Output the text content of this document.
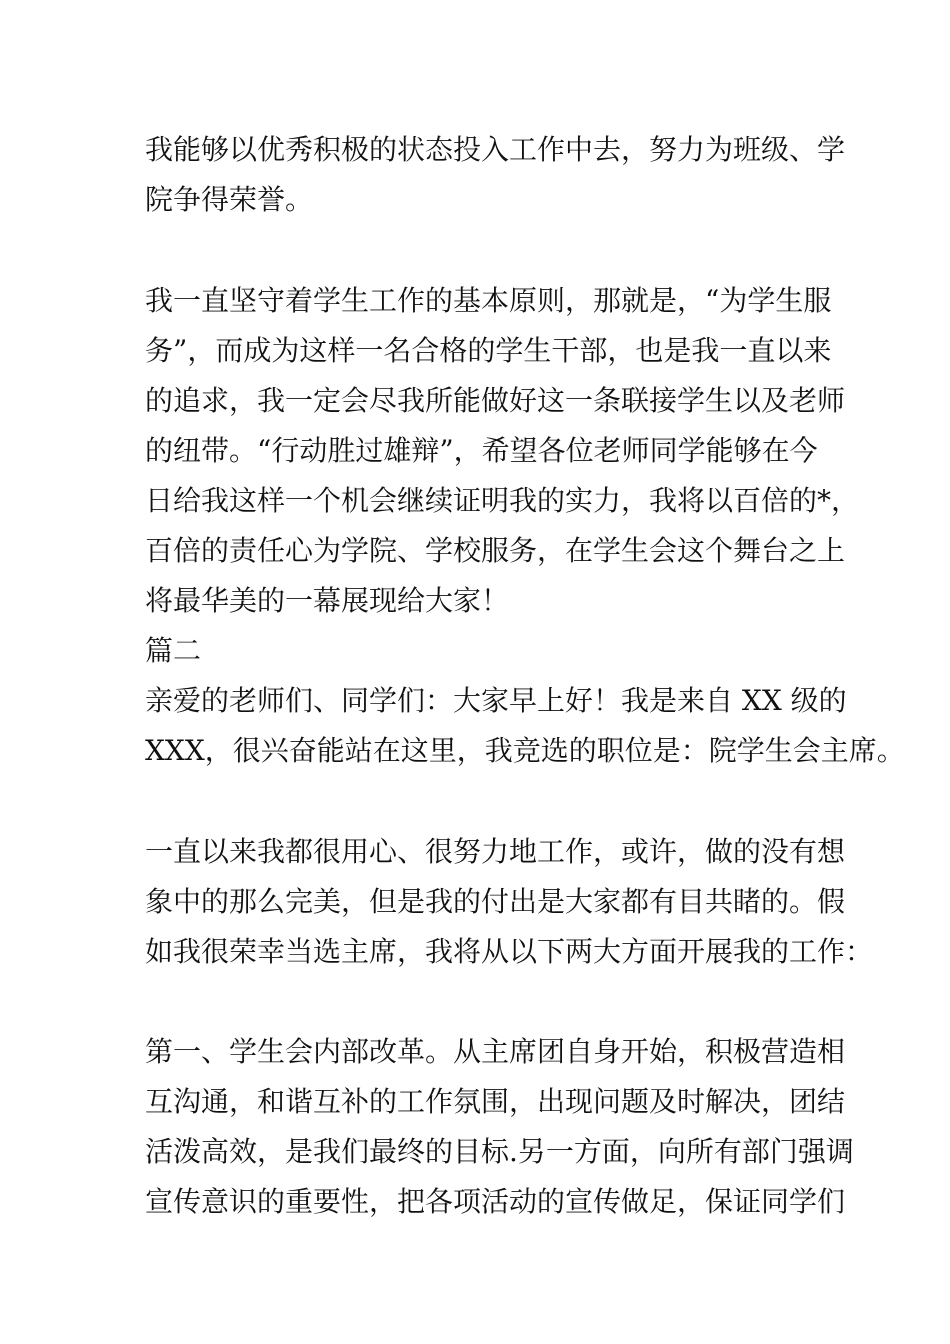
我能够以优秀积极的状态投入工作中去，努力为班级、学

院争得荣誉。

我一直坚守着学生工作的基本原则，那就是，“为学生服

务”，而成为这样一名合格的学生干部，也是我一直以来

的追求，我一定会尽我所能做好这一条联接学生以及老师

的纽带。“行动胜过雄辩”，希望各位老师同学能够在今

日给我这样一个机会继续证明我的实力，我将以百倍的*，

百倍的责任心为学院、学校服务，在学生会这个舞台之上

将最华美的一幕展现给大家！

篇二

亲爱的老师们、同学们：大家早上好！我是来自 XX 级的

XXX，很兴奋能站在这里，我竞选的职位是：院学生会主席。

一直以来我都很用心、很努力地工作，或许，做的没有想

象中的那么完美，但是我的付出是大家都有目共睹的。假

如我很荣幸当选主席，我将从以下两大方面开展我的工作：

第一、学生会内部改革。从主席团自身开始，积极营造相

互沟通，和谐互补的工作氛围，出现问题及时解决，团结

活泼高效，是我们最终的目标.另一方面，向所有部门强调

宣传意识的重要性，把各项活动的宣传做足，保证同学们
